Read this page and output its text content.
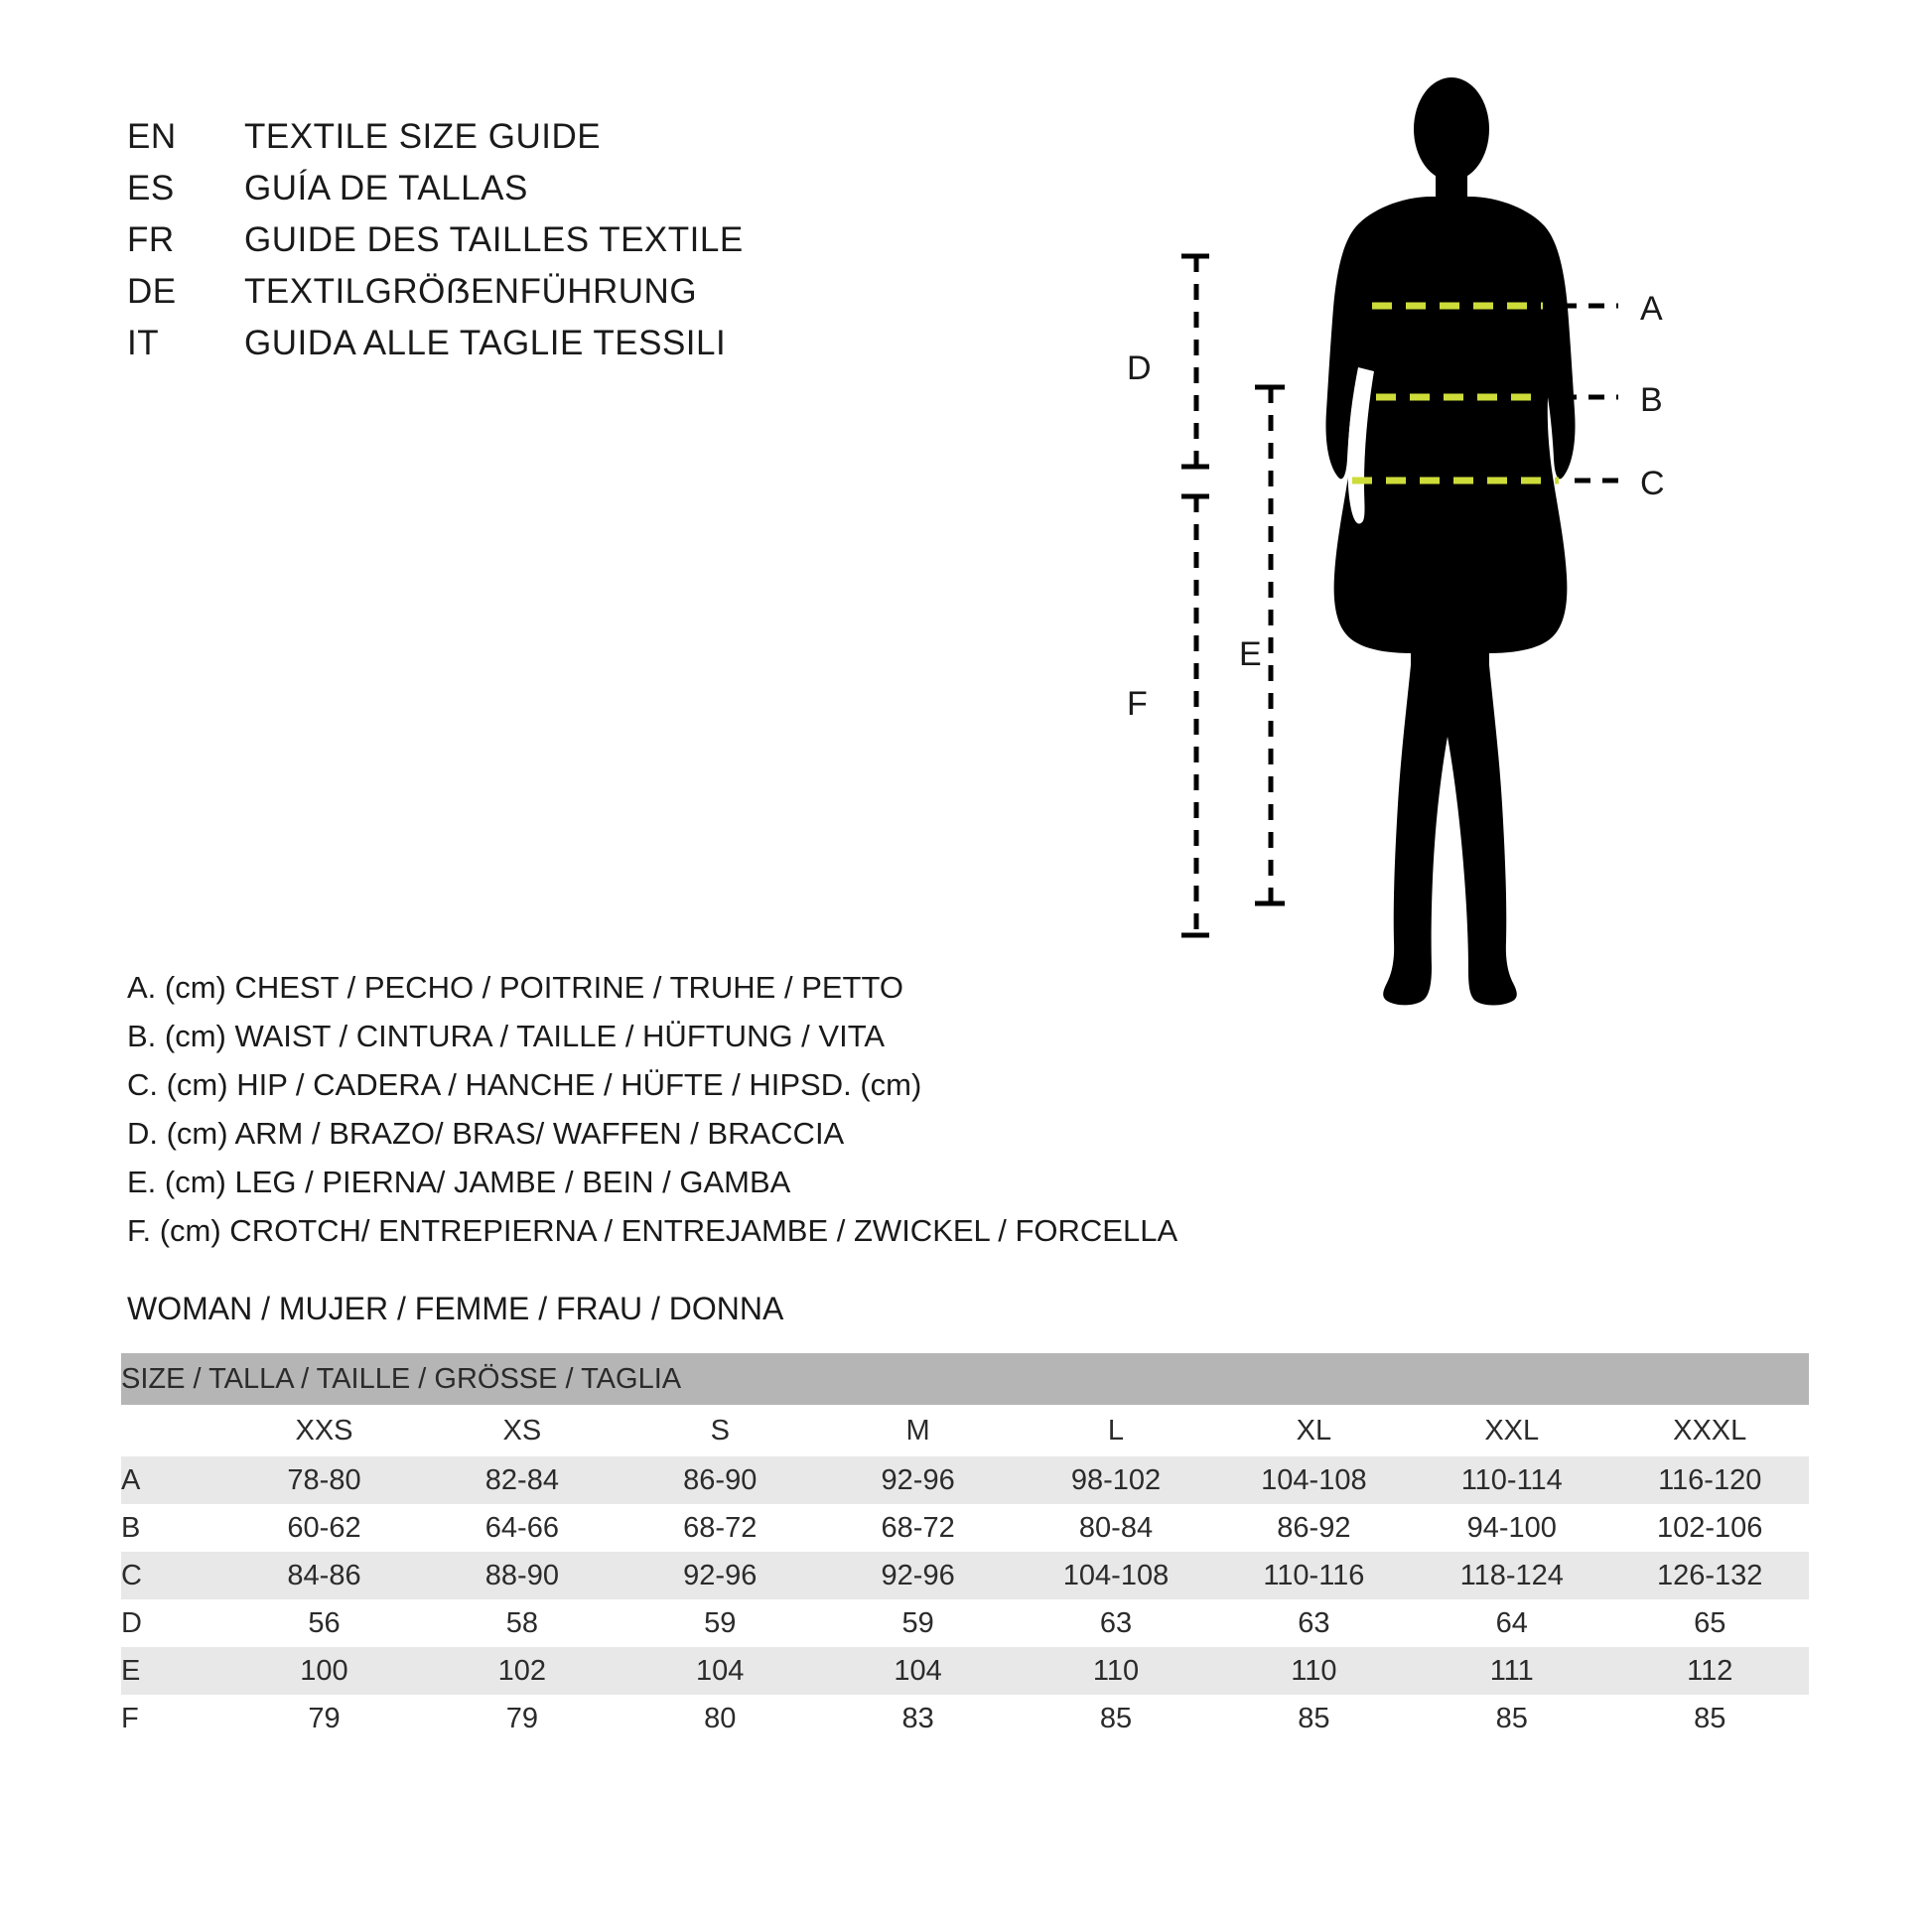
EN	TEXTILE SIZE GUIDE
ES	GUÍA DE TALLAS
FR	GUIDE DES TAILLES TEXTILE
DE	TEXTILGRÖẞENFÜHRUNG
IT	GUIDA ALLE TAGLIE TESSILI
A
B
C
D
E
F
A. (cm) CHEST / PECHO / POITRINE / TRUHE / PETTO
B. (cm) WAIST / CINTURA / TAILLE / HÜFTUNG / VITA
C. (cm) HIP / CADERA / HANCHE / HÜFTE / HIPSD. (cm)
D. (cm) ARM / BRAZO/ BRAS/ WAFFEN / BRACCIA
E. (cm) LEG / PIERNA/ JAMBE / BEIN / GAMBA
F. (cm) CROTCH/ ENTREPIERNA / ENTREJAMBE / ZWICKEL / FORCELLA
WOMAN / MUJER / FEMME / FRAU / DONNA
SIZE / TALLA / TAILLE / GRÖSSE / TAGLIA								
	XXS	XS	S	M	L	XL	XXL	XXXL
A	78-80	82-84	86-90	92-96	98-102	104-108	110-114	116-120
B	60-62	64-66	68-72	68-72	80-84	86-92	94-100	102-106
C	84-86	88-90	92-96	92-96	104-108	110-116	118-124	126-132
D	56	58	59	59	63	63	64	65
E	100	102	104	104	110	110	111	112
F	79	79	80	83	85	85	85	85
